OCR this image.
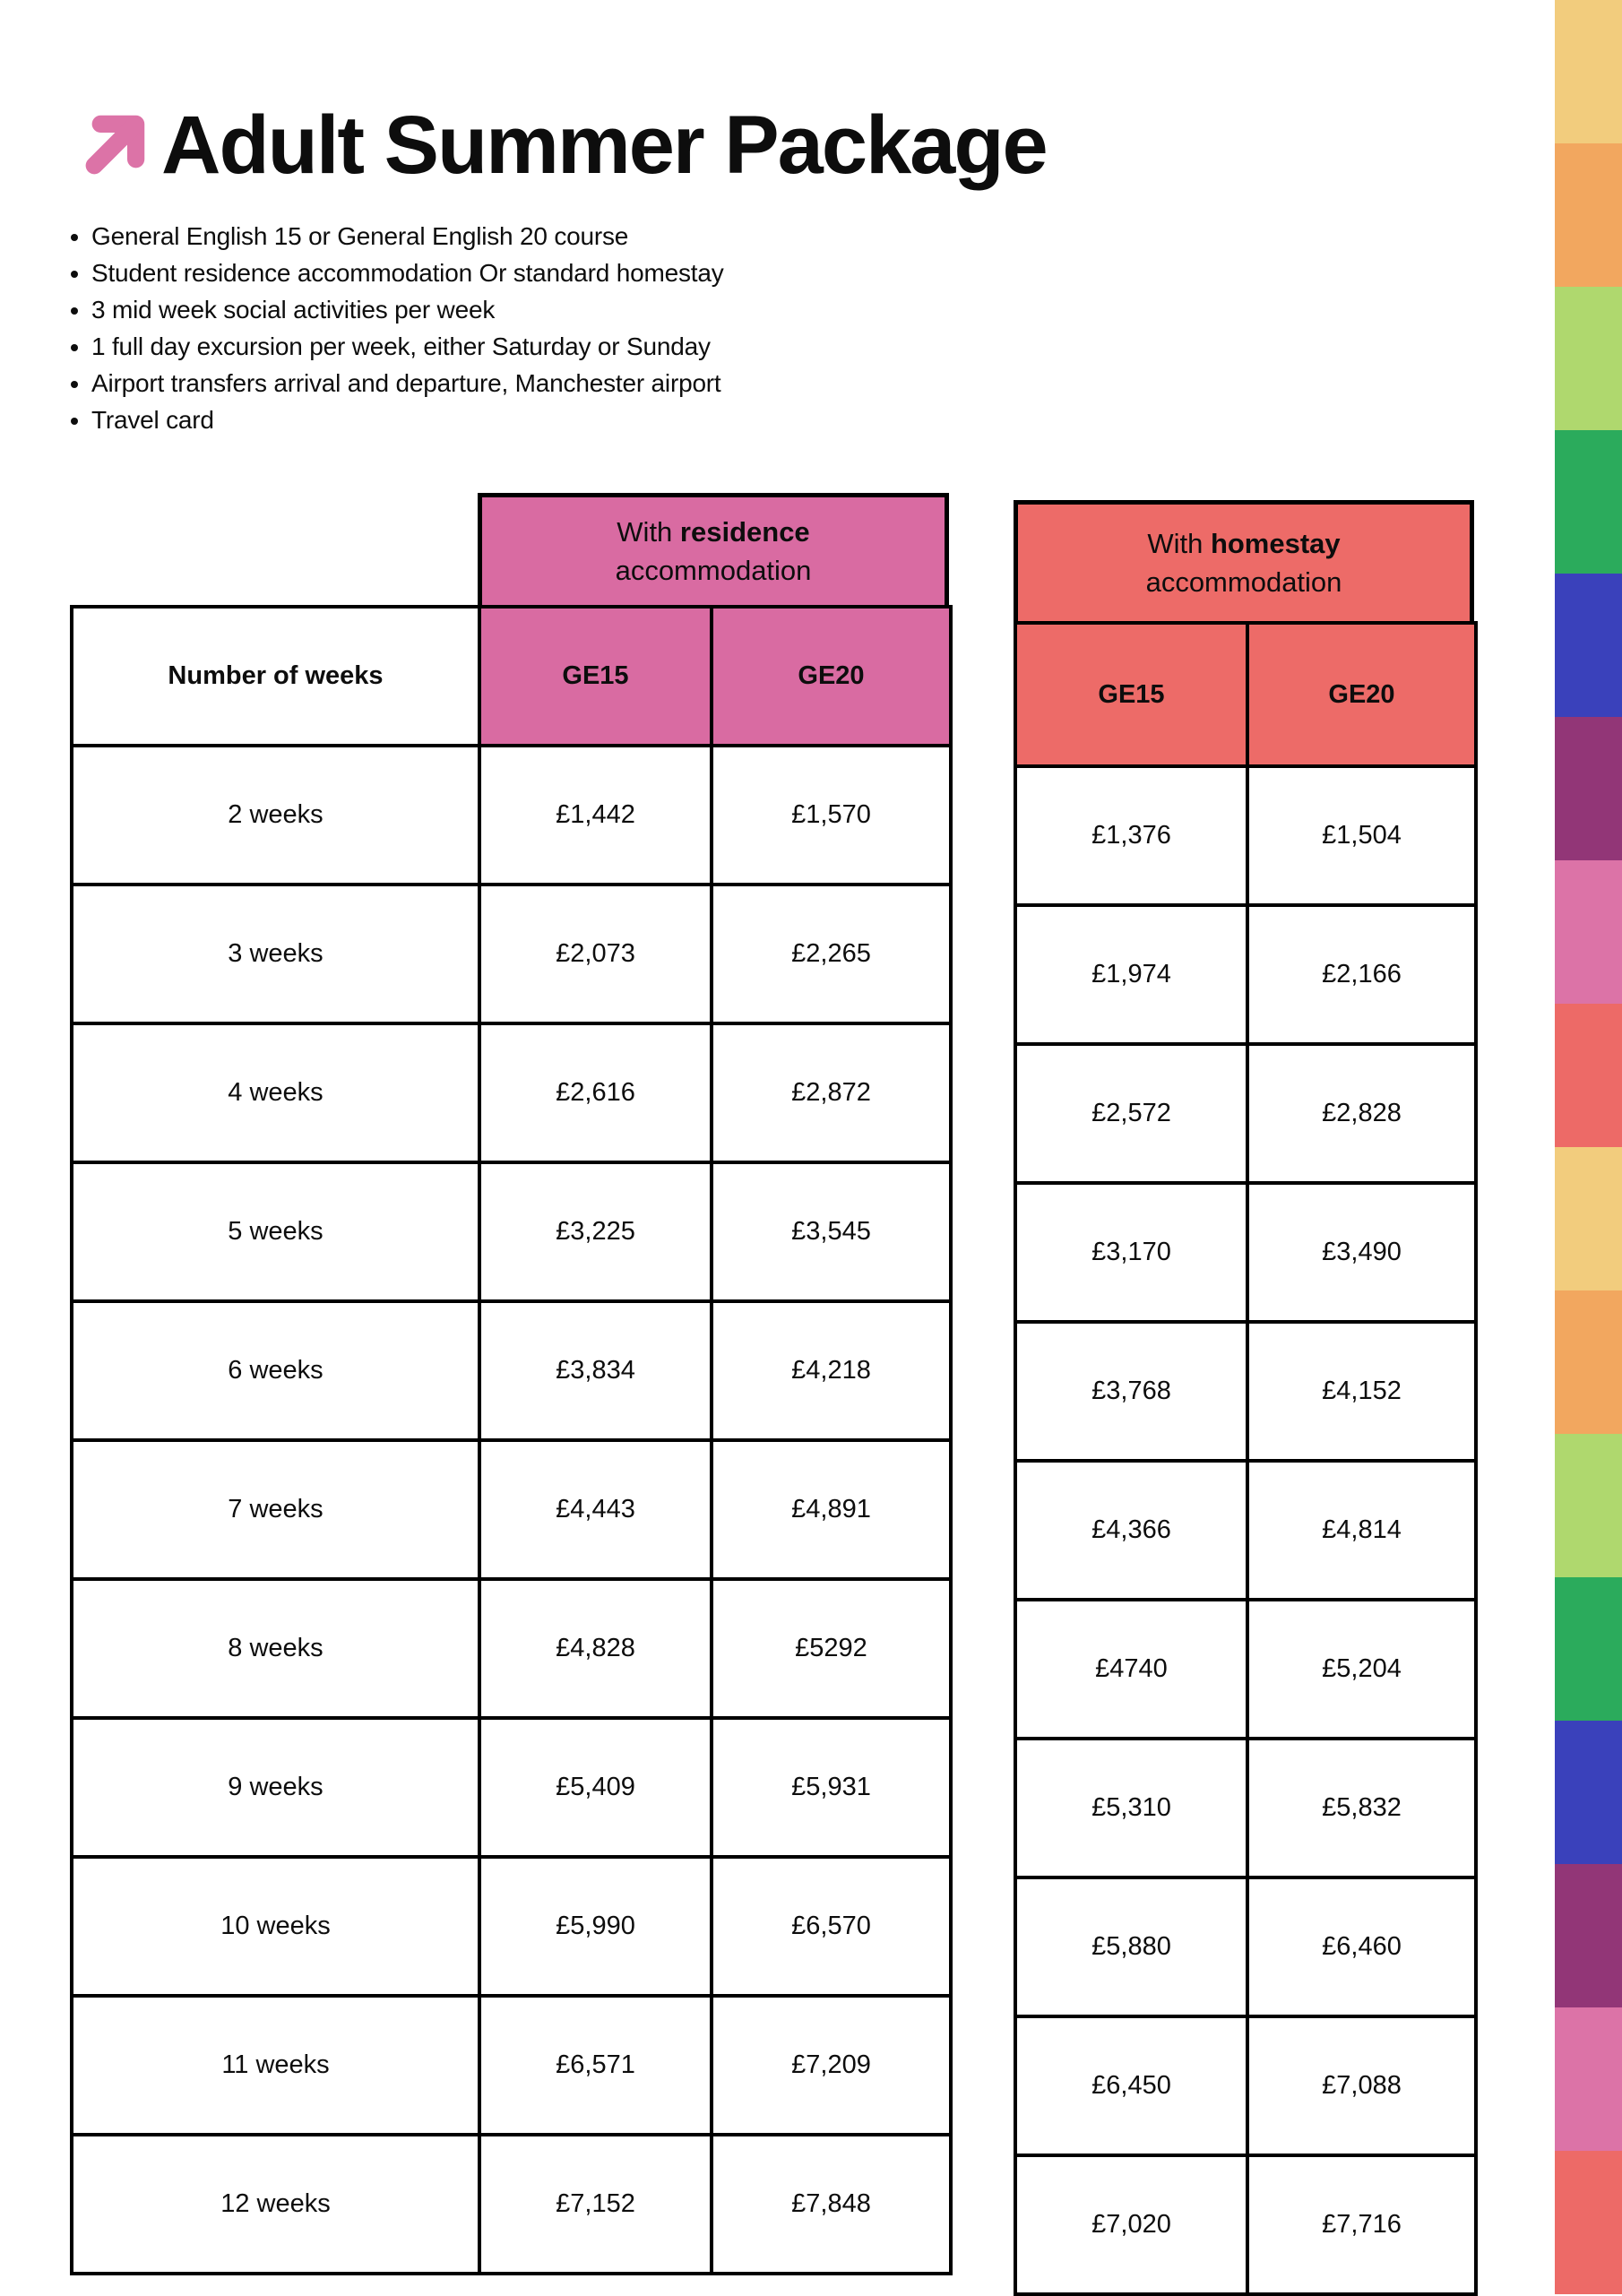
Adult Summer Package
• General English 15 or General English 20 course
• Student residence accommodation Or standard homestay
• 3 mid week social activities per week
• 1 full day excursion per week, either Saturday or Sunday
• Airport transfers arrival and departure, Manchester airport
• Travel card
With residence
accommodation
Number of weeks	GE15	GE20
2 weeks	£1,442	£1,570
3 weeks	£2,073	£2,265
4 weeks	£2,616	£2,872
5 weeks	£3,225	£3,545
6 weeks	£3,834	£4,218
7 weeks	£4,443	£4,891
8 weeks	£4,828	£5292
9 weeks	£5,409	£5,931
10 weeks	£5,990	£6,570
11 weeks	£6,571	£7,209
12 weeks	£7,152	£7,848
With homestay
accommodation
GE15	GE20
£1,376	£1,504
£1,974	£2,166
£2,572	£2,828
£3,170	£3,490
£3,768	£4,152
£4,366	£4,814
£4740	£5,204
£5,310	£5,832
£5,880	£6,460
£6,450	£7,088
£7,020	£7,716
